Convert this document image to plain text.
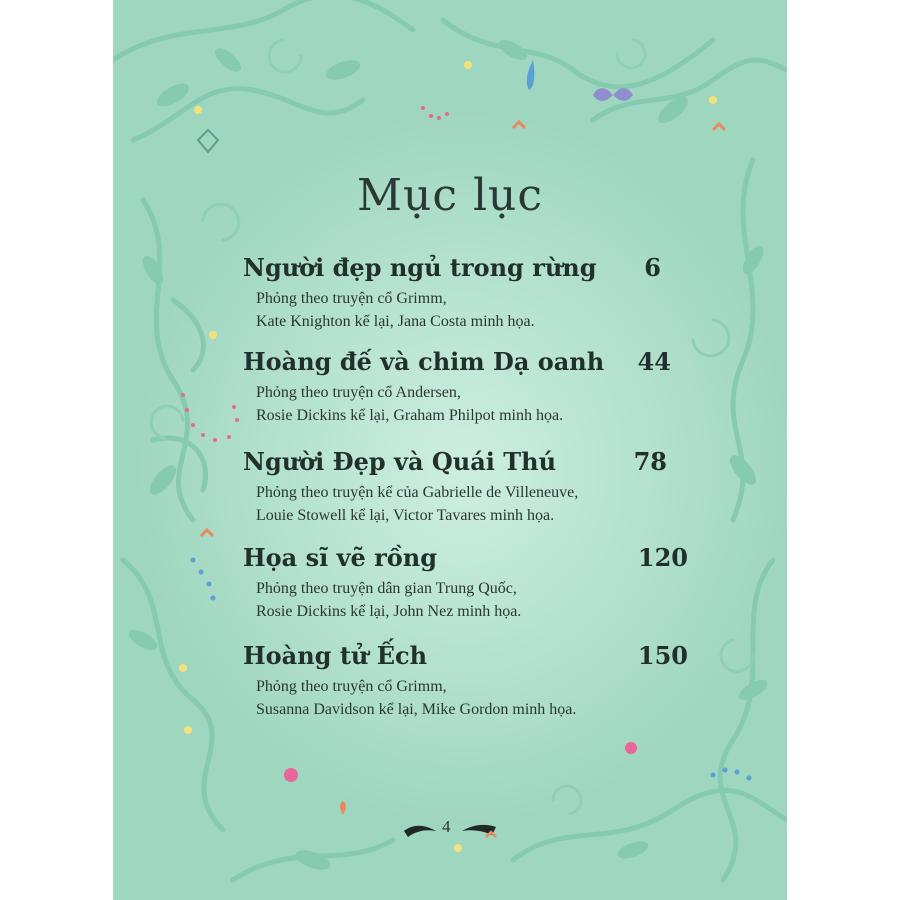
Mục lục
Người đẹp ngủ trong rừng 6
Phỏng theo truyện cổ Grimm,
Kate Knighton kể lại, Jana Costa minh họa.
Hoàng đế và chim Dạ oanh 44
Phỏng theo truyện cổ Andersen,
Rosie Dickins kể lại, Graham Philpot minh họa.
Người Đẹp và Quái Thú	78
Phỏng theo truyện kể của Gabrielle de Villeneuve,
Louie Stowell kể lại, Victor Tavares minh họa.
Họa sĩ vẽ rồng	120
Phỏng theo truyện dân gian Trung Quốc,
Rosie Dickins kể lại, John Nez minh họa.
Hoàng tử Ếch	150
Phỏng theo truyện cổ Grimm,
Susanna Davidson kể lại, Mike Gordon minh họa.
4
